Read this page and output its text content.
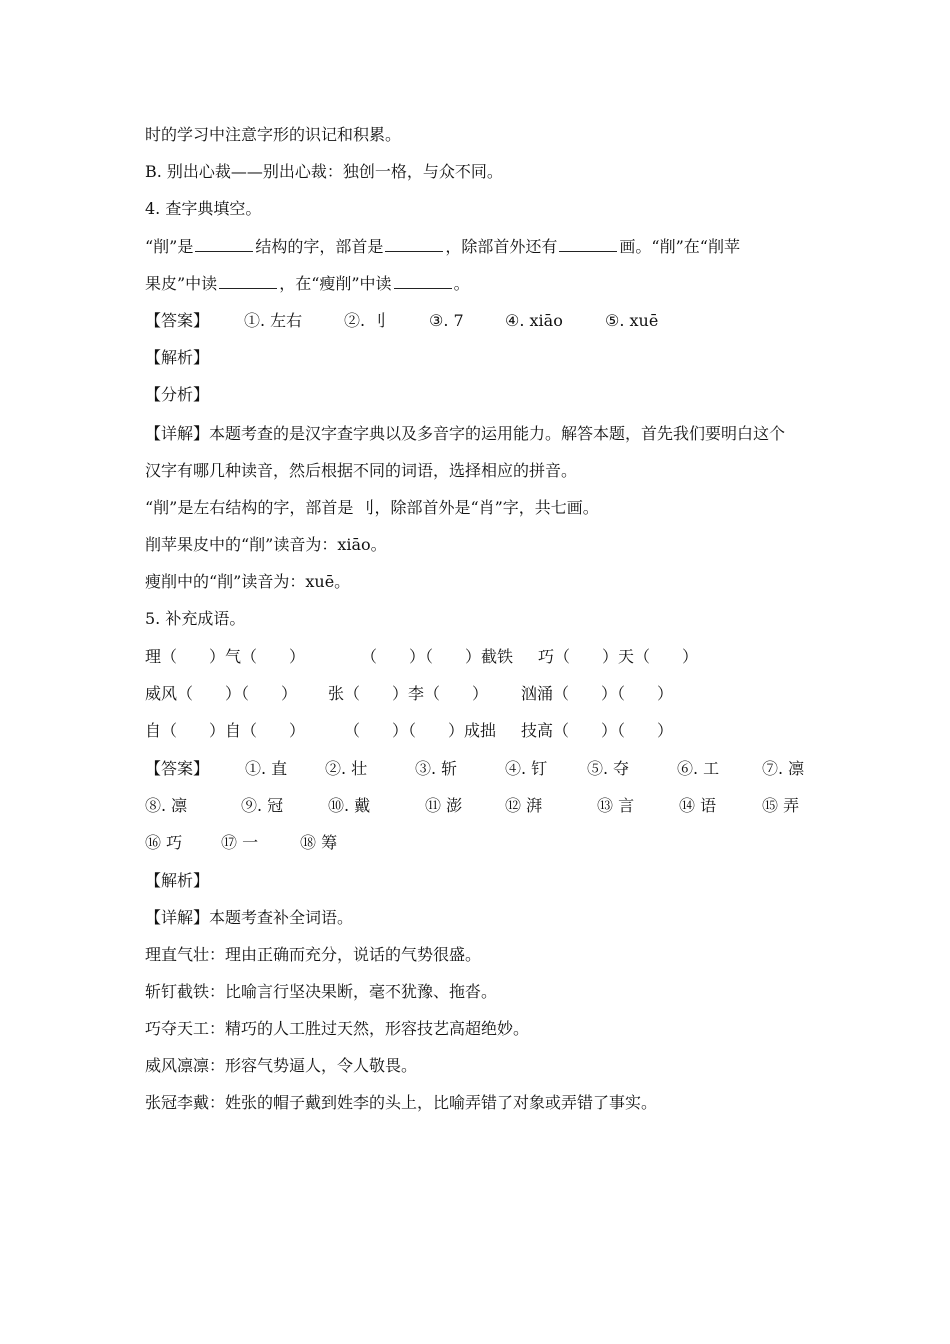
时的学习中注意字形的识记和积累。
B. 别出心裁——别出心裁：独创一格，与众不同。
4. 查字典填空。
“削”是	结构的字，部首是	，除部首外还有	画。“削”在“削苹
果皮”中读	，在“瘦削”中读	。
【答案】 ①. 左右	②. 刂	③. 7	④. xiāo	⑤. xuē
【解析】
【分析】
【详解】本题考查的是汉字查字典以及多音字的运用能力。解答本题，首先我们要明白这个
汉字有哪几种读音，然后根据不同的词语，选择相应的拼音。
“削”是左右结构的字，部首是 刂，除部首外是“肖”字，共七画。
削苹果皮中的“削”读音为：xiāo。
瘦削中的“削”读音为：xuē。
5. 补充成语。
理（　　）气（　　）	（　　）（　　）截铁 巧（　　）天（　　）
威风（　　）（　　） 张（　　）李（　　） 汹涌（　　）（　　）
自（　　）自（　　） （　　）（　　）成拙 技高（　　）（　　）
【答案】 ①. 直 ②. 壮	③. 斩	④. 钉 ⑤. 夺	⑥. 工	⑦. 凛
⑧. 凛	⑨. 冠	⑩. 戴	⑪ 澎	⑫ 湃	⑬ 言	⑭ 语	⑮ 弄
⑯ 巧 ⑰ 一	⑱ 筹
【解析】
【详解】本题考查补全词语。
理直气壮：理由正确而充分，说话的气势很盛。
斩钉截铁：比喻言行坚决果断，毫不犹豫、拖沓。
巧夺天工：精巧的人工胜过天然，形容技艺高超绝妙。
威风凛凛：形容气势逼人，令人敬畏。
张冠李戴：姓张的帽子戴到姓李的头上，比喻弄错了对象或弄错了事实。
